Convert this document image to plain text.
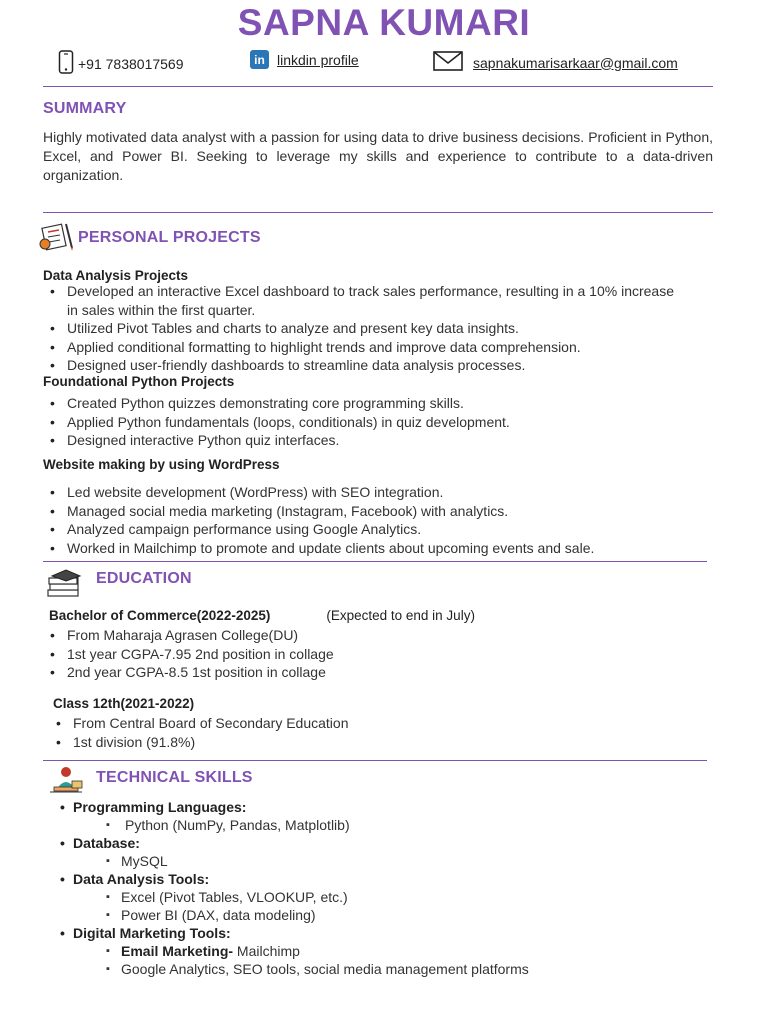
SAPNA KUMARI
+91 7838017569	in linkdin profile	sapnakumarisarkaar@gmail.com
SUMMARY
Highly motivated data analyst with a passion for using data to drive business decisions. Proficient in Python, Excel, and Power BI. Seeking to leverage my skills and experience to contribute to a data-driven organization.
PERSONAL PROJECTS
Data Analysis Projects
• Developed an interactive Excel dashboard to track sales performance, resulting in a 10% increase in sales within the first quarter.
• Utilized Pivot Tables and charts to analyze and present key data insights.
• Applied conditional formatting to highlight trends and improve data comprehension.
• Designed user-friendly dashboards to streamline data analysis processes.
Foundational Python Projects
• Created Python quizzes demonstrating core programming skills.
• Applied Python fundamentals (loops, conditionals) in quiz development.
• Designed interactive Python quiz interfaces.
Website making by using WordPress
• Led website development (WordPress) with SEO integration.
• Managed social media marketing (Instagram, Facebook) with analytics.
• Analyzed campaign performance using Google Analytics.
• Worked in Mailchimp to promote and update clients about upcoming events and sale.
EDUCATION
Bachelor of Commerce(2022-2025)	(Expected to end in July)
• From Maharaja Agrasen College(DU)
• 1st year CGPA-7.95 2nd position in collage
• 2nd year CGPA-8.5 1st position in collage
Class 12th(2021-2022)
• From Central Board of Secondary Education
• 1st division (91.8%)
TECHNICAL SKILLS
• Programming Languages:
▪ Python (NumPy, Pandas, Matplotlib)
• Database:
▪ MySQL
• Data Analysis Tools:
▪ Excel (Pivot Tables, VLOOKUP, etc.)
▪ Power BI (DAX, data modeling)
• Digital Marketing Tools:
▪ Email Marketing- Mailchimp
▪ Google Analytics, SEO tools, social media management platforms
